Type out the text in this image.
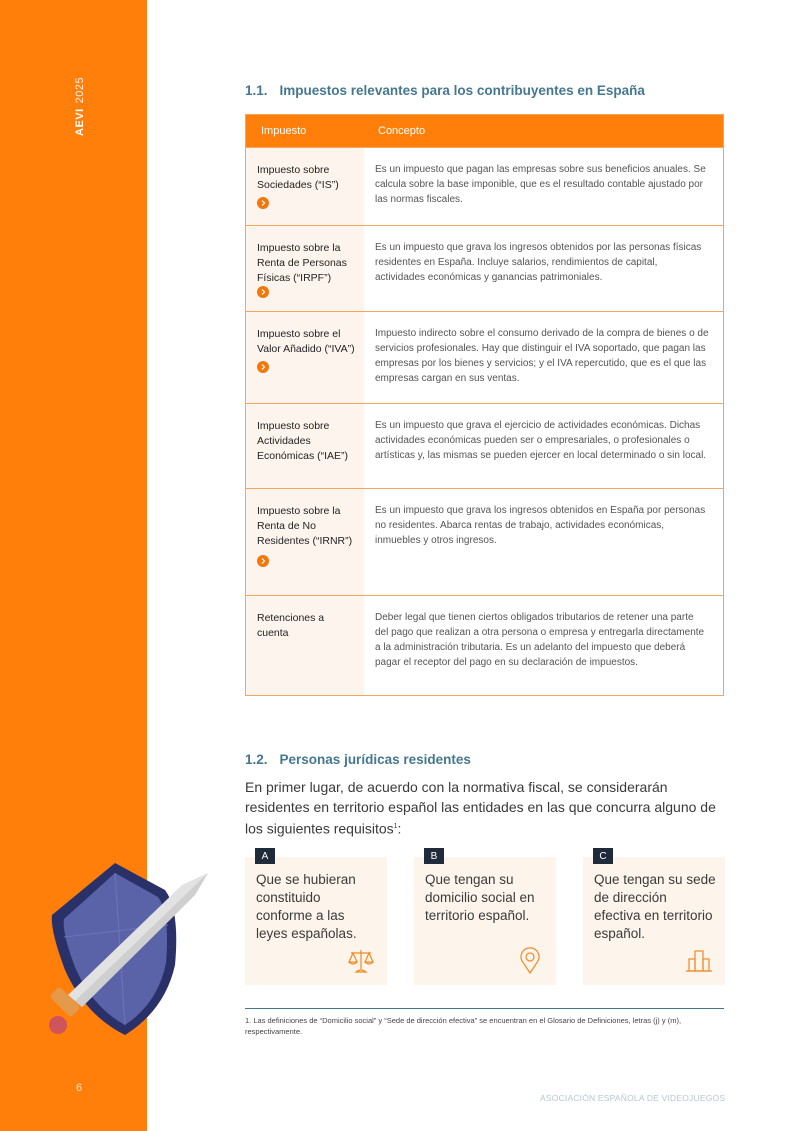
AEVI2025
6
1.1. Impuestos relevantes para los contribuyentes en España
Impuesto	Concepto
Impuesto sobre Sociedades (“IS”)
Es un impuesto que pagan las empresas sobre sus beneficios anuales. Se calcula sobre la base imponible, que es el resultado contable ajustado por las normas fiscales.
Impuesto sobre la Renta de Personas Físicas (“IRPF”)
Es un impuesto que grava los ingresos obtenidos por las personas físicas residentes en España. Incluye salarios, rendimientos de capital, actividades económicas y ganancias patrimoniales.
Impuesto sobre el Valor Añadido (“IVA”)
Impuesto indirecto sobre el consumo derivado de la compra de bienes o de servicios profesionales. Hay que distinguir el IVA soportado, que pagan las empresas por los bienes y servicios; y el IVA repercutido, que es el que las empresas cargan en sus ventas.
Impuesto sobre Actividades Económicas (“IAE”)
Es un impuesto que grava el ejercicio de actividades económicas. Dichas actividades económicas pueden ser o empresariales, o profesionales o artísticas y, las mismas se pueden ejercer en local determinado o sin local.
Impuesto sobre la Renta de No Residentes (“IRNR”)
Es un impuesto que grava los ingresos obtenidos en España por personas no residentes. Abarca rentas de trabajo, actividades económicas, inmuebles y otros ingresos.
Retenciones a cuenta
Deber legal que tienen ciertos obligados tributarios de retener una parte del pago que realizan a otra persona o empresa y entregarla directamente a la administración tributaria. Es un adelanto del impuesto que deberá pagar el receptor del pago en su declaración de impuestos.
1.2. Personas jurídicas residentes
En primer lugar, de acuerdo con la normativa fiscal, se considerarán residentes en territorio español las entidades en las que concurra alguno de los siguientes requisitos$^1$:
A
Que se hubieran constituido conforme a las leyes españolas.
B
Que tengan su domicilio social en territorio español.
C
Que tengan su sede de dirección efectiva en territorio español.
1. Las definiciones de “Domicilio social” y “Sede de dirección efectiva” se encuentran en el Glosario de Definiciones, letras (j) y (m), respectivamente.
ASOCIACIÓN ESPAÑOLA DE VIDEOJUEGOS
